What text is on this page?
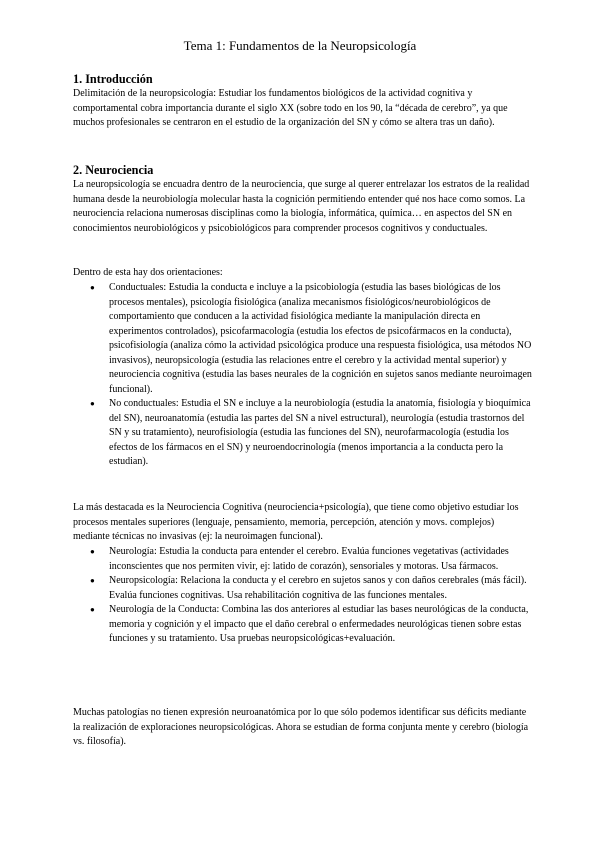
Tema 1: Fundamentos de la Neuropsicología
1. Introducción
Delimitación de la neuropsicología: Estudiar los fundamentos biológicos de la actividad cognitiva y comportamental cobra importancia durante el siglo XX (sobre todo en los 90, la “década de cerebro”, ya que muchos profesionales se centraron en el estudio de la organización del SN y cómo se altera tras un daño).
2. Neurociencia
La neuropsicología se encuadra dentro de la neurociencia, que surge al querer entrelazar los estratos de la realidad humana desde la neurobiología molecular hasta la cognición permitiendo entender qué nos hace como somos. La neurociencia relaciona numerosas disciplinas como la biología, informática, química… en aspectos del SN en conocimientos neurobiológicos y psicobiológicos para comprender procesos cognitivos y conductuales.
Dentro de esta hay dos orientaciones:
● Conductuales: Estudia la conducta e incluye a la psicobiología (estudia las bases biológicas de los procesos mentales), psicología fisiológica (analiza mecanismos fisiológicos/neurobiológicos de comportamiento que conducen a la actividad fisiológica mediante la manipulación directa en experimentos controlados), psicofarmacología (estudia los efectos de psicofármacos en la conducta), psicofisiología (analiza cómo la actividad psicológica produce una respuesta fisiológica, usa métodos NO invasivos), neuropsicología (estudia las relaciones entre el cerebro y la actividad mental superior) y neurociencia cognitiva (estudia las bases neurales de la cognición en sujetos sanos mediante neuroimagen funcional).
● No conductuales: Estudia el SN e incluye a la neurobiología (estudia la anatomía, fisiología y bioquímica del SN), neuroanatomía (estudia las partes del SN a nivel estructural), neurología (estudia trastornos del SN y su tratamiento), neurofisiología (estudia las funciones del SN), neurofarmacología (estudia los efectos de los fármacos en el SN) y neuroendocrinología (menos importancia a la conducta pero la estudian).
La más destacada es la Neurociencia Cognitiva (neurociencia+psicología), que tiene como objetivo estudiar los procesos mentales superiores (lenguaje, pensamiento, memoria, percepción, atención y movs. complejos) mediante técnicas no invasivas (ej: la neuroimagen funcional).
● Neurología: Estudia la conducta para entender el cerebro. Evalúa funciones vegetativas (actividades inconscientes que nos permiten vivir, ej: latido de corazón), sensoriales y motoras. Usa fármacos.
● Neuropsicología: Relaciona la conducta y el cerebro en sujetos sanos y con daños cerebrales (más fácil). Evalúa funciones cognitivas. Usa rehabilitación cognitiva de las funciones mentales.
● Neurología de la Conducta: Combina las dos anteriores al estudiar las bases neurológicas de la conducta, memoria y cognición y el impacto que el daño cerebral o enfermedades neurológicas tienen sobre estas funciones y su tratamiento. Usa pruebas neuropsicológicas+evaluación.
Muchas patologías no tienen expresión neuroanatómica por lo que sólo podemos identificar sus déficits mediante la realización de exploraciones neuropsicológicas. Ahora se estudian de forma conjunta mente y cerebro (biología vs. filosofía).
